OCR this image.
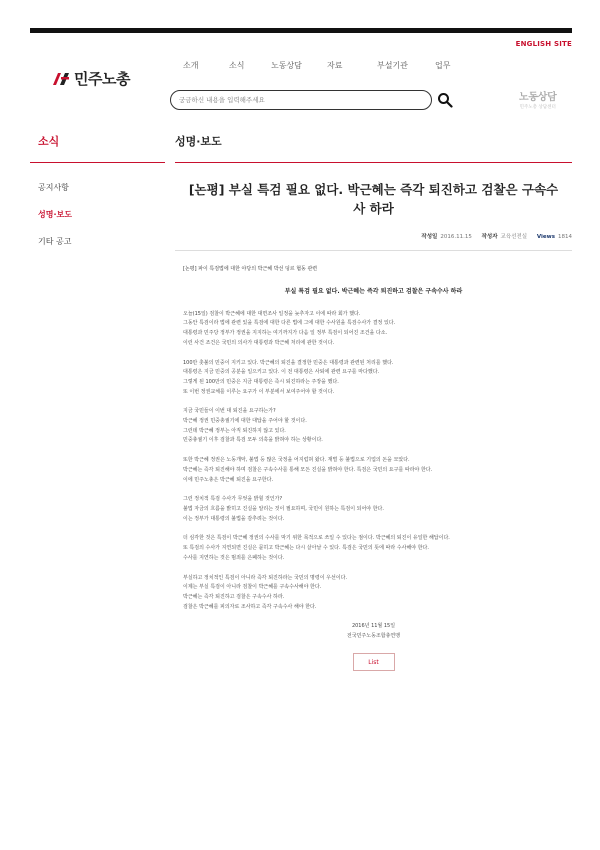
ENGLISH SITE
민주노총
소개	소식	노동상담	자료	부설기관	업무
궁금하신 내용을 입력해주세요
노동상담
민주노총 상담센터
소식
공지사항
성명·보도
기타 공고
성명·보도
[논평] 부실 특검 필요 없다. 박근혜는 즉각 퇴진하고 검찰은 구속수사 하라
작성일 2016.11.15 작성자 교육선전실 Views 1814
[논평] 파이 특검법에 대한 야당의 박근혜 박선 덩르 협동 관련
부실 특검 필요 없다. 박근혜는 즉각 퇴진하고 검찰은 구속수사 하라
오늘(15일) 검찰이 박근혜에 대한 대면조사 일정을 늦추자고 이에 따라 회가 했다.
그동안 특검이라 법에 관련 있을 특검에 대한 다른 법에 그에 대한 수사원을 특검수사가 결정 있다.
대통령과 민주당 정부가 정권을 지지하는 여기까지가 다음 일 정부 특검이 되어진 조건을 다소.
이런 사건 조건은 국민의 의사가 대통령과 박근혜 처리에 관한 것이다.
100만 촛불의 민중이 지키고 있다. 박근혜의 퇴진을 결정한 민중은 대통령과 관련된 처리를 했다.
대통령은 지금 민중의 공분을 일으키고 있다. 이 전 대통령은 사퇴에 관련 요구를 마다했다.
그렇게 된 100만의 민중은 지금 대통령은 즉시 퇴진하라는 주장을 했다.
또 이번 정권교체를 이루는 요구가 이 부분에서 보여주어야 할 것이다.
지금 국민들이 이번 대 퇴진을 요구하는가?
박근혜 정권 민중총궐기에 대한 대답을 주어야 할 것이다.
그런데 박근혜 정부는 아직 퇴진하지 않고 있다.
민중총궐기 이후 검찰과 특검 모두 의혹을 밝혀야 하는 상황이다.
또한 박근혜 정권은 노동개악, 불법 등 많은 국정을 어지럽혀 왔다. 재벌 등 불법으로 기업의 돈을 모았다.
박근혜는 즉각 퇴진해야 하며 검찰은 구속수사를 통해 모든 진실을 밝혀야 한다. 특검은 국민의 요구를 따라야 한다.
이에 민주노총은 박근혜 퇴진을 요구한다.
그런 정치적 특검 수사가 무엇을 밝힐 것인가?
불법 자금의 흐름을 밝히고 진실을 알리는 것이 필요하며, 국민이 원하는 특검이 되어야 한다.
이는 정부가 대통령의 불법을 감추려는 것이다.
더 심각한 것은 특검이 박근혜 정권의 수사를 막기 위한 목적으로 쓰일 수 있다는 점이다. 박근혜의 퇴진이 유일한 해답이다.
또 특검의 수사가 지연되면 진실은 묻히고 박근혜는 다시 살아날 수 있다. 특검은 국민의 뜻에 따라 수사해야 한다.
수사를 지연하는 것은 범죄를 은폐하는 것이다.
부실하고 정치적인 특검이 아니라 즉각 퇴진하라는 국민의 명령이 우선이다.
이제는 부실 특검이 아니라 검찰이 박근혜를 구속수사해야 한다.
박근혜는 즉각 퇴진하고 검찰은 구속수사 하라.
검찰은 박근혜를 피의자로 조사하고 즉각 구속수사 해야 한다.
2016년 11월 15일
전국민주노동조합총연맹
List
